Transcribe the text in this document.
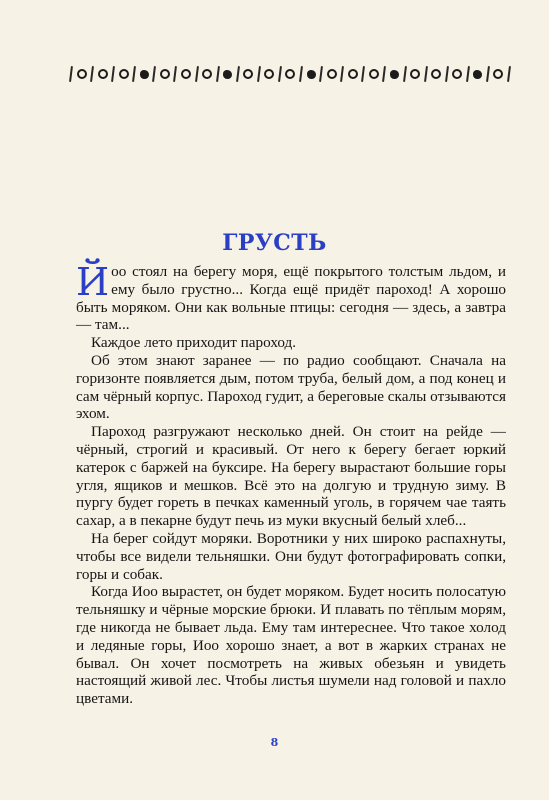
ГРУСТЬ

Й оо стоял на берегу моря, ещё покрытого толстым льдом, и ему было грустно... Когда ещё придёт пароход! А хорошо быть моряком. Они как вольные птицы: сегодня — здесь, а завтра — там...

Каждое лето приходит пароход.

Об этом знают заранее — по радио сообщают. Сначала на горизонте появляется дым, потом труба, белый дом, а под конец и сам чёрный корпус. Пароход гудит, а береговые скалы отзываются эхом.

Пароход разгружают несколько дней. Он стоит на рейде — чёрный, строгий и красивый. От него к берегу бегает юркий катерок с баржей на буксире. На берегу вырастают большие горы угля, ящиков и мешков. Всё это на долгую и трудную зиму. В пургу будет гореть в печках каменный уголь, в горячем чае таять сахар, а в пекарне будут печь из муки вкусный белый хлеб...

На берег сойдут моряки. Воротники у них широко распахнуты, чтобы все видели тельняшки. Они будут фотографировать сопки, горы и собак.

Когда Иоо вырастет, он будет моряком. Будет носить полосатую тельняшку и чёрные морские брюки. И плавать по тёплым морям, где никогда не бывает льда. Ему там интереснее. Что такое холод и ледяные горы, Иоо хорошо знает, а вот в жарких странах не бывал. Он хочет посмотреть на живых обезьян и увидеть настоящий живой лес. Чтобы листья шумели над головой и пахло цветами.

8
